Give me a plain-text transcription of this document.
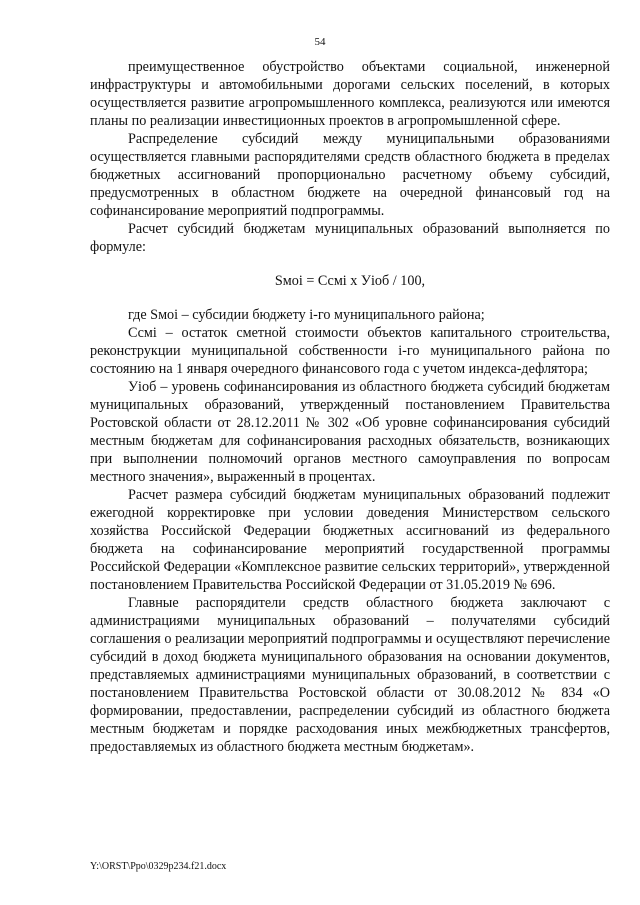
54

преимущественное обустройство объектами социальной, инженерной инфраструктуры и автомобильными дорогами сельских поселений, в которых осуществляется развитие агропромышленного комплекса, реализуются или имеются планы по реализации инвестиционных проектов в агропромышленной сфере.

Распределение субсидий между муниципальными образованиями осуществляется главными распорядителями средств областного бюджета в пределах бюджетных ассигнований пропорционально расчетному объему субсидий, предусмотренных в областном бюджете на очередной финансовый год на софинансирование мероприятий подпрограммы.

Расчет субсидий бюджетам муниципальных образований выполняется по формуле:

Sмoi = Ссмi х Уiоб / 100,

где Sмoi – субсидии бюджету i-го муниципального района;

Ссмi – остаток сметной стоимости объектов капитального строительства, реконструкции муниципальной собственности i-го муниципального района по состоянию на 1 января очередного финансового года с учетом индекса-дефлятора;

Уiоб – уровень софинансирования из областного бюджета субсидий бюджетам муниципальных образований, утвержденный постановлением Правительства Ростовской области от 28.12.2011 № 302 «Об уровне софинансирования субсидий местным бюджетам для софинансирования расходных обязательств, возникающих при выполнении полномочий органов местного самоуправления по вопросам местного значения», выраженный в процентах.

Расчет размера субсидий бюджетам муниципальных образований подлежит ежегодной корректировке при условии доведения Министерством сельского хозяйства Российской Федерации бюджетных ассигнований из федерального бюджета на софинансирование мероприятий государственной программы Российской Федерации «Комплексное развитие сельских территорий», утвержденной постановлением Правительства Российской Федерации от 31.05.2019 № 696.

Главные распорядители средств областного бюджета заключают с администрациями муниципальных образований – получателями субсидий соглашения о реализации мероприятий подпрограммы и осуществляют перечисление субсидий в доход бюджета муниципального образования на основании документов, представляемых администрациями муниципальных образований, в соответствии с постановлением Правительства Ростовской области от 30.08.2012 № 834 «О формировании, предоставлении, распределении субсидий из областного бюджета местным бюджетам и порядке расходования иных межбюджетных трансфертов, предоставляемых из областного бюджета местным бюджетам».

Y:\ORST\Ppo\0329p234.f21.docx
